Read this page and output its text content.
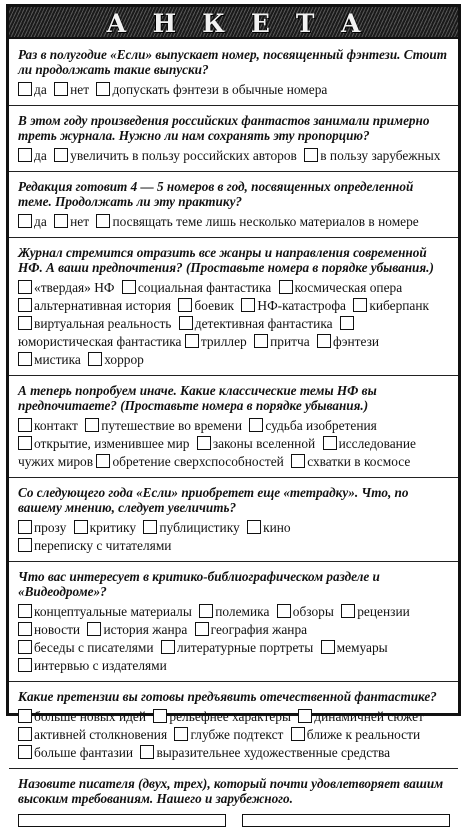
АНКЕТА

Раз в полугодие «Если» выпускает номер, посвященный фэнтези. Стоит ли продолжать такие выпуски?

да нет допускать фэнтези в обычные номера

В этом году произведения российских фантастов занимали примерно треть журнала. Нужно ли нам сохранять эту пропорцию?

да увеличить в пользу российских авторов в пользу зарубежных

Редакция готовит 4 — 5 номеров в год, посвященных определенной теме. Продолжать ли эту практику?

да нет посвящать теме лишь несколько материалов в номере

Журнал стремится отразить все жанры и направления современной НФ. А ваши предпочтения? (Проставьте номера в порядке убывания.)

«твердая» НФ социальная фантастика космическая опера альтернативная история боевик НФ-катастрофа киберпанк виртуальная реальность детективная фантастика юмористическая фантастика триллер притча фэнтези мистика хоррор

А теперь попробуем иначе. Какие классические темы НФ вы предпочитаете? (Проставьте номера в порядке убывания.)

контакт путешествие во времени судьба изобретения открытие, изменившее мир законы вселенной исследование чужих миров обретение сверхспособностей схватки в космосе

Со следующего года «Если» приобретет еще «тетрадку». Что, по вашему мнению, следует увеличить?

прозу критику публицистику кино переписку с читателями

Что вас интересует в критико-библиографическом разделе и «Видеодроме»?

концептуальные материалы полемика обзоры рецензии новости история жанра география жанра беседы с писателями литературные портреты мемуары интервью с издателями

Какие претензии вы готовы предъявить отечественной фантастике?

больше новых идей рельефнее характеры динамичней сюжет активней столкновения глубже подтекст ближе к реальности больше фантазии выразительнее художественные средства

Назовите писателя (двух, трех), который почти удовлетворяет вашим высоким требованиям. Нашего и зарубежного.
